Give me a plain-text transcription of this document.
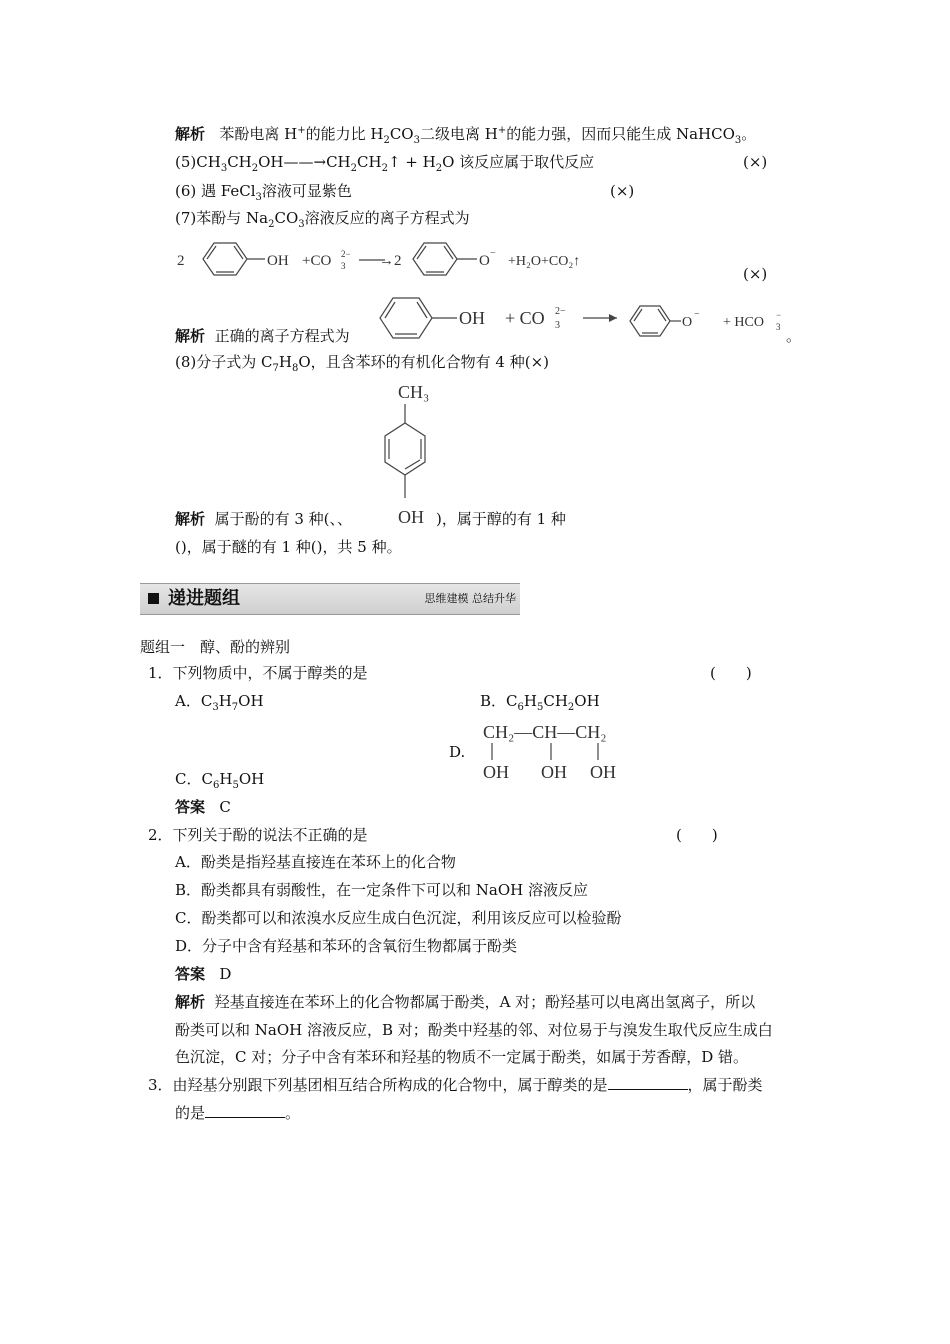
解析 苯酚电离 H+的能力比 $H_2CO_3$二级电离 H+的能力强，因而只能生成 NaHCO$_3$。
$(5)CH_3CH_2OH——\to CH_2CH_2↑ + H_2O$ 该反应属于取代反应	(×)
(6) 遇 FeCl$_3$溶液可显紫色	(×)
(7)苯酚与 $Na_2CO_3$溶液反应的离子方程式为
2	OH +CO 3
2− →2	O −
+H₂O+CO₂↑
(×)
解析 正确的离子方程式为
OH + CO 3
2−
O
−
+ HCO 3
−
。
(8)分子式为 $C_7H_8O$，且含苯环的有机化合物有 4 种(×)
CH₃
OH
解析 属于酚的有 3 种(、、	)，属于醇的有 1 种
()，属于醚的有 1 种()，共 5 种。
递进题组	思维建模 总结升华
题组一　醇、酚的辨别
1．下列物质中，不属于醇类的是	(　　)
A．$C_3H_7OH$	B．$C_6H_5CH_2OH$
D.
CH₂—CH—CH₂
OH OH OH
C．$C_6H_5OH$
答案 C
2．下列关于酚的说法不正确的是	(　　)
A．酚类是指羟基直接连在苯环上的化合物
B．酚类都具有弱酸性，在一定条件下可以和 NaOH 溶液反应
C．酚类都可以和浓溴水反应生成白色沉淀，利用该反应可以检验酚
D．分子中含有羟基和苯环的含氧衍生物都属于酚类
答案 D
解析 羟基直接连在苯环上的化合物都属于酚类，A 对；酚羟基可以电离出氢离子，所以
酚类可以和 NaOH 溶液反应，B 对；酚类中羟基的邻、对位易于与溴发生取代反应生成白
色沉淀，C 对；分子中含有苯环和羟基的物质不一定属于酚类，如属于芳香醇，D 错。
3．由羟基分别跟下列基团相互结合所构成的化合物中，属于醇类的是	，属于酚类
的是	。
